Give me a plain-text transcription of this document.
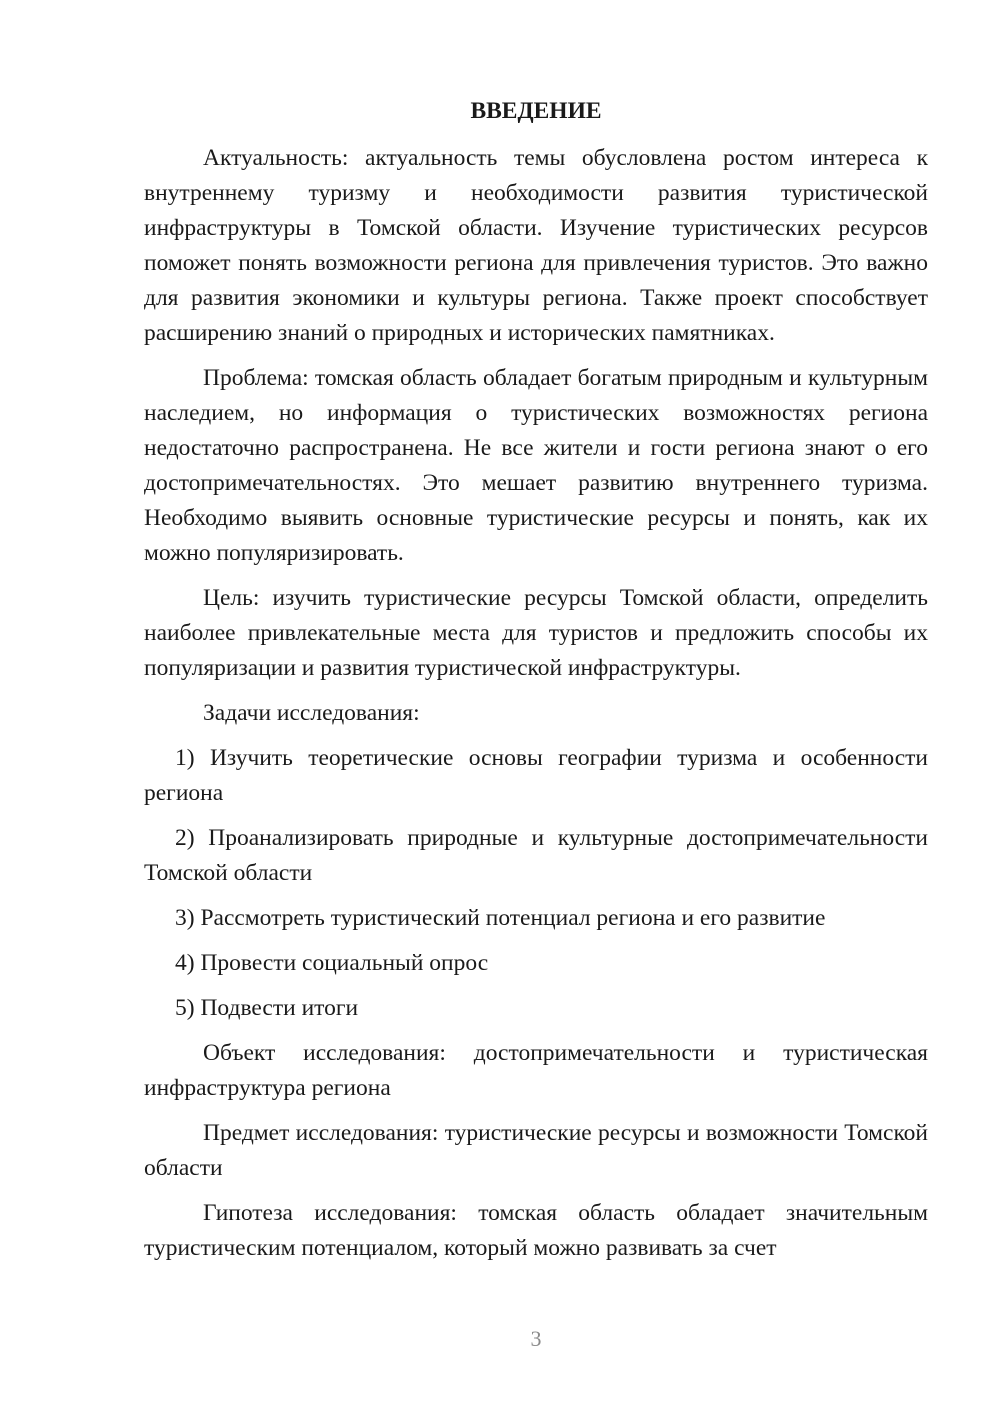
ВВЕДЕНИЕ

Актуальность: актуальность темы обусловлена ростом интереса к внутреннему туризму и необходимости развития туристической инфраструктуры в Томской области. Изучение туристических ресурсов поможет понять возможности региона для привлечения туристов. Это важно для развития экономики и культуры региона. Также проект способствует расширению знаний о природных и исторических памятниках.

Проблема: томская область обладает богатым природным и культурным наследием, но информация о туристических возможностях региона недостаточно распространена. Не все жители и гости региона знают о его достопримечательностях. Это мешает развитию внутреннего туризма. Необходимо выявить основные туристические ресурсы и понять, как их можно популяризировать.

Цель: изучить туристические ресурсы Томской области, определить наиболее привлекательные места для туристов и предложить способы их популяризации и развития туристической инфраструктуры.

Задачи исследования:

1) Изучить теоретические основы географии туризма и особенности региона

2) Проанализировать природные и культурные достопримечательности Томской области

3) Рассмотреть туристический потенциал региона и его развитие

4) Провести социальный опрос

5) Подвести итоги

Объект исследования: достопримечательности и туристическая инфраструктура региона

Предмет исследования: туристические ресурсы и возможности Томской области

Гипотеза исследования: томская область обладает значительным туристическим потенциалом, который можно развивать за счет

3
